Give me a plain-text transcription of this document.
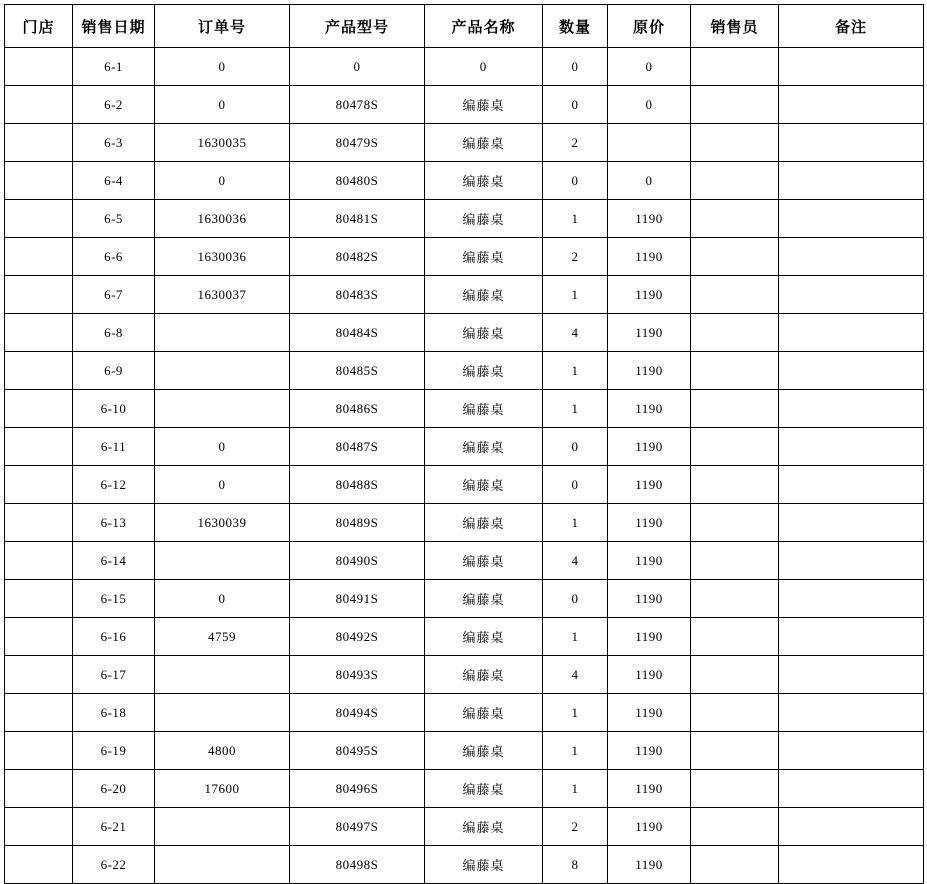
门店	销售日期	订单号	产品型号	产品名称	数量	原价	销售员	备注
	6-1	0	0	0	0	0		
	6-2	0	80478S	编藤桌	0	0		
	6-3	1630035	80479S	编藤桌	2			
	6-4	0	80480S	编藤桌	0	0		
	6-5	1630036	80481S	编藤桌	1	1190		
	6-6	1630036	80482S	编藤桌	2	1190		
	6-7	1630037	80483S	编藤桌	1	1190		
	6-8		80484S	编藤桌	4	1190		
	6-9		80485S	编藤桌	1	1190		
	6-10		80486S	编藤桌	1	1190		
	6-11	0	80487S	编藤桌	0	1190		
	6-12	0	80488S	编藤桌	0	1190		
	6-13	1630039	80489S	编藤桌	1	1190		
	6-14		80490S	编藤桌	4	1190		
	6-15	0	80491S	编藤桌	0	1190		
	6-16	4759	80492S	编藤桌	1	1190		
	6-17		80493S	编藤桌	4	1190		
	6-18		80494S	编藤桌	1	1190		
	6-19	4800	80495S	编藤桌	1	1190		
	6-20	17600	80496S	编藤桌	1	1190		
	6-21		80497S	编藤桌	2	1190		
	6-22		80498S	编藤桌	8	1190		
